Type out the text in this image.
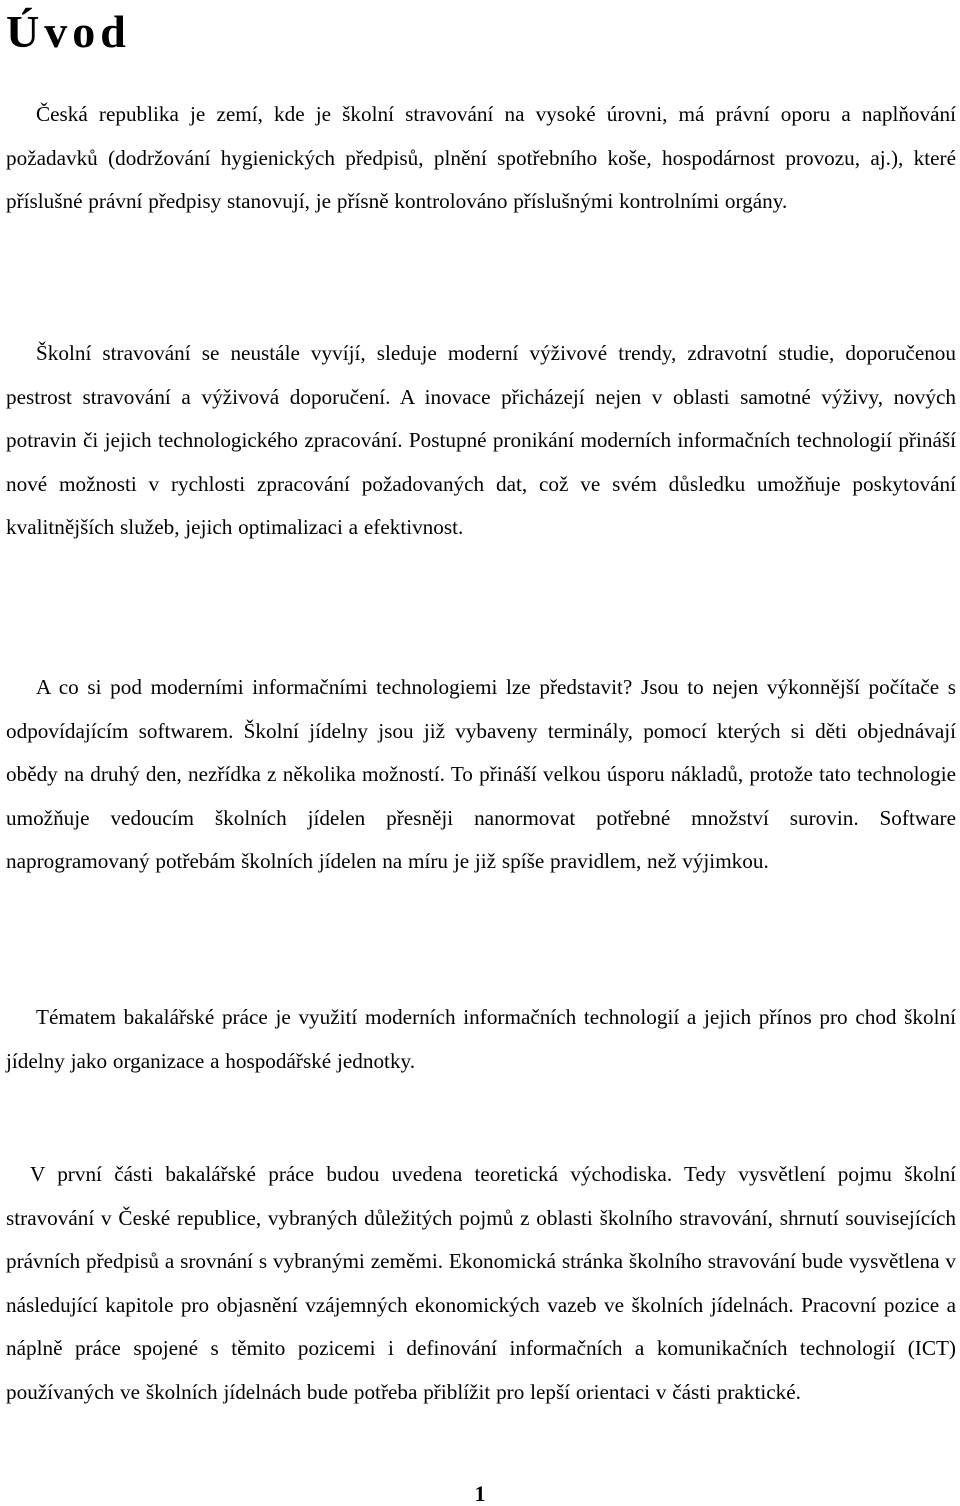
Úvod

Česká republika je zemí, kde je školní stravování na vysoké úrovni, má právní oporu a naplňování požadavků (dodržování hygienických předpisů, plnění spotřebního koše, hospodárnost provozu, aj.), které příslušné právní předpisy stanovují, je přísně kontrolováno příslušnými kontrolními orgány.

Školní stravování se neustále vyvíjí, sleduje moderní výživové trendy, zdravotní studie, doporučenou pestrost stravování a výživová doporučení. A inovace přicházejí nejen v oblasti samotné výživy, nových potravin či jejich technologického zpracování. Postupné pronikání moderních informačních technologií přináší nové možnosti v rychlosti zpracování požadovaných dat, což ve svém důsledku umožňuje poskytování kvalitnějších služeb, jejich optimalizaci a efektivnost.

A co si pod moderními informačními technologiemi lze představit? Jsou to nejen výkonnější počítače s odpovídajícím softwarem. Školní jídelny jsou již vybaveny terminály, pomocí kterých si děti objednávají obědy na druhý den, nezřídka z několika možností. To přináší velkou úsporu nákladů, protože tato technologie umožňuje vedoucím školních jídelen přesněji nanormovat potřebné množství surovin. Software naprogramovaný potřebám školních jídelen na míru je již spíše pravidlem, než výjimkou.

Tématem bakalářské práce je využití moderních informačních technologií a jejich přínos pro chod školní jídelny jako organizace a hospodářské jednotky.

V první části bakalářské práce budou uvedena teoretická východiska. Tedy vysvětlení pojmu školní stravování v České republice, vybraných důležitých pojmů z oblasti školního stravování, shrnutí souvisejících právních předpisů a srovnání s vybranými zeměmi. Ekonomická stránka školního stravování bude vysvětlena v následující kapitole pro objasnění vzájemných ekonomických vazeb ve školních jídelnách. Pracovní pozice a náplně práce spojené s těmito pozicemi i definování informačních a komunikačních technologií (ICT) používaných ve školních jídelnách bude potřeba přiblížit pro lepší orientaci v části praktické.

1
